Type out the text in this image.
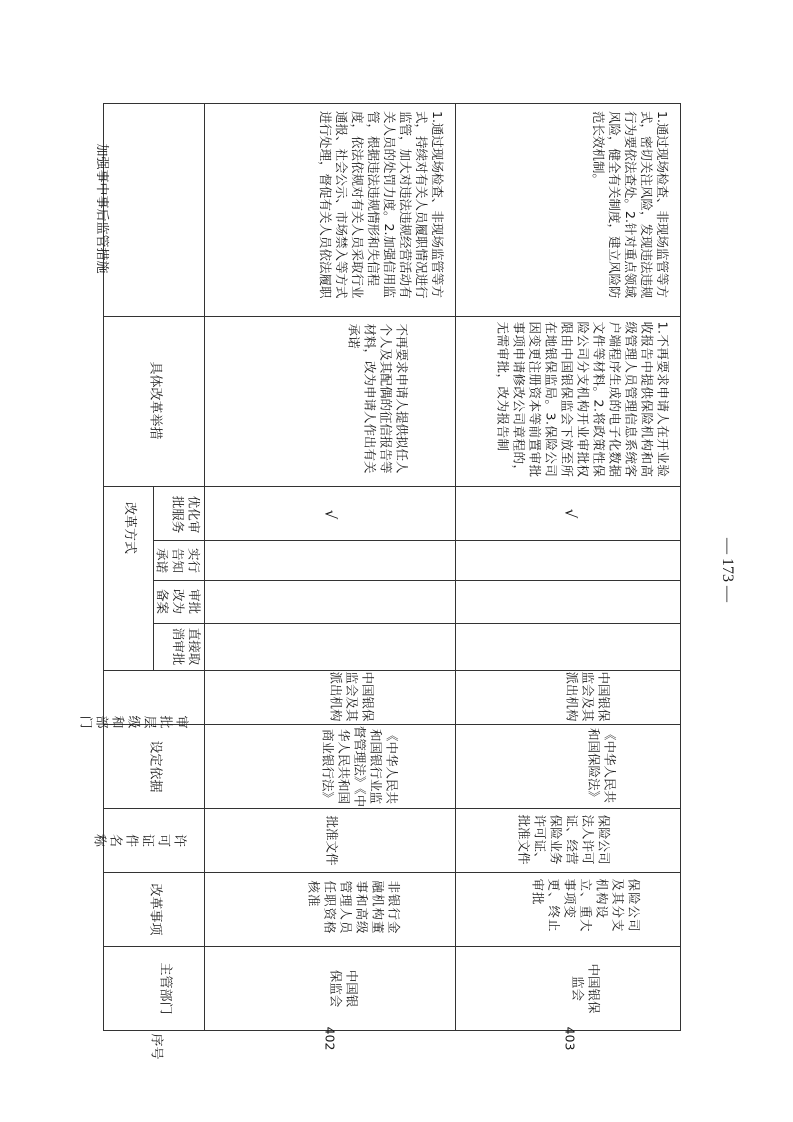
加强事中事后监管措施
具体改革举措
改革方式	优化审批服务
实行告知承诺
审批改为备案
直接取消审批
审批层级和部门
设定依据
许可证件名称
改革事项
主管部门
序号
1.通过现场检查、非现场监管等方式，持续对有关人员履职情况进行监管，加大对违法违规经营活动有关人员的处罚力度。2.加强信用监管，根据违法违规情形和失信程度，依法依规对有关人员采取行业通报、社会公示、市场禁入等方式进行处理，督促有关人员依法履职
不再要求申请人提供拟任人个人及其配偶的征信报告等材料，改为申请人作出有关承诺
√
中国银保监会及其派出机构
《中华人民共和国银行业监督管理法》《中华人民共和国商业银行法》
批准文件
非银行金融机构董事和高级管理人员任职资格核准
中国银保监会
402
1.通过现场检查、非现场监管等方式，密切关注风险，发现违法违规行为要依法查处。2.针对重点领域风险，健全有关制度，建立风险防范长效机制。
1.不再要求申请人在开业验收报告中提供保险机构和高级管理人员管理信息系统客户端程序生成的电子化数据文件等材料。2.将政策性保险公司分支机构开业审批权限由中国银保监会下放至所在地银保监局。3.保险公司因变更注册资本等前置审批事项申请修改公司章程的，无需审批，改为报告制
√
中国银保监会及其派出机构
《中华人民共和国保险法》
保险公司法人许可证、经营保险业务许可证、批准文件
保险公司及其分支机构设立、重大事项变更、终止审批
中国银保监会
403
— 173 —
